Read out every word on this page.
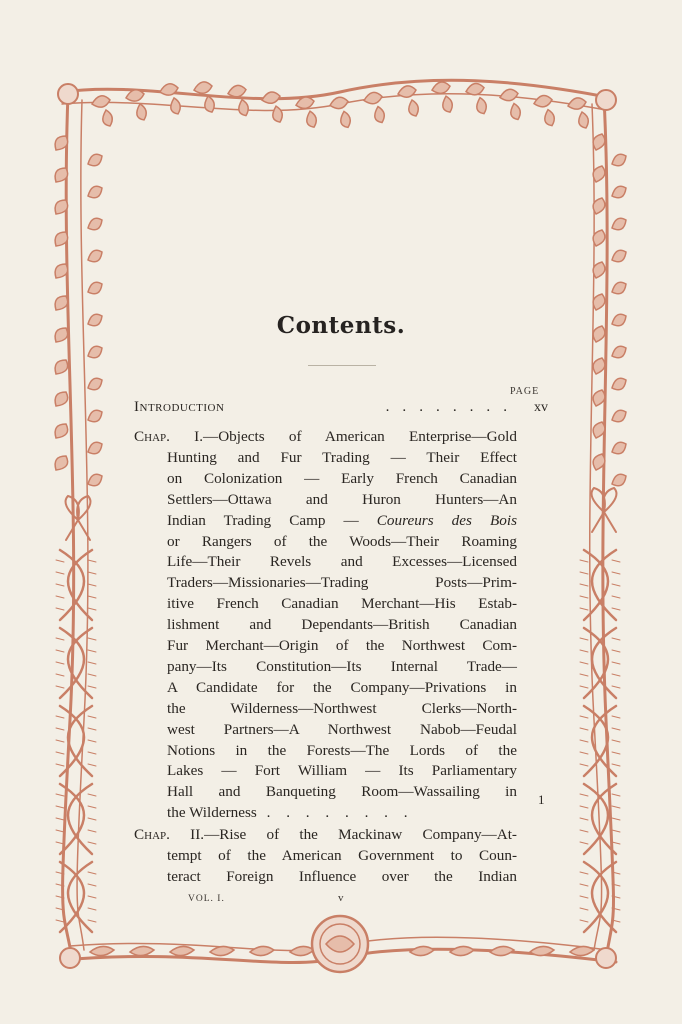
Contents.
PAGE
Introduction	........	xv
Chap. I.—Objects of American Enterprise—Gold
Hunting and Fur Trading — Their Effect
on Colonization — Early French Canadian
Settlers—Ottawa and Huron Hunters—An
Indian Trading Camp — Coureurs des Bois
or Rangers of the Woods—Their Roaming
Life—Their Revels and Excesses—Licensed
Traders—Missionaries—Trading Posts—Prim-
itive French Canadian Merchant—His Estab-
lishment and Dependants—British Canadian
Fur Merchant—Origin of the Northwest Com-
pany—Its Constitution—Its Internal Trade—
A Candidate for the Company—Privations in
the Wilderness—Northwest Clerks—North-
west Partners—A Northwest Nabob—Feudal
Notions in the Forests—The Lords of the
Lakes — Fort William — Its Parliamentary
Hall and Banqueting Room—Wassailing in
the Wilderness . . . . . . . .
1
Chap. II.—Rise of the Mackinaw Company—At-
tempt of the American Government to Coun-
teract Foreign Influence over the Indian
VOL. I.	v
